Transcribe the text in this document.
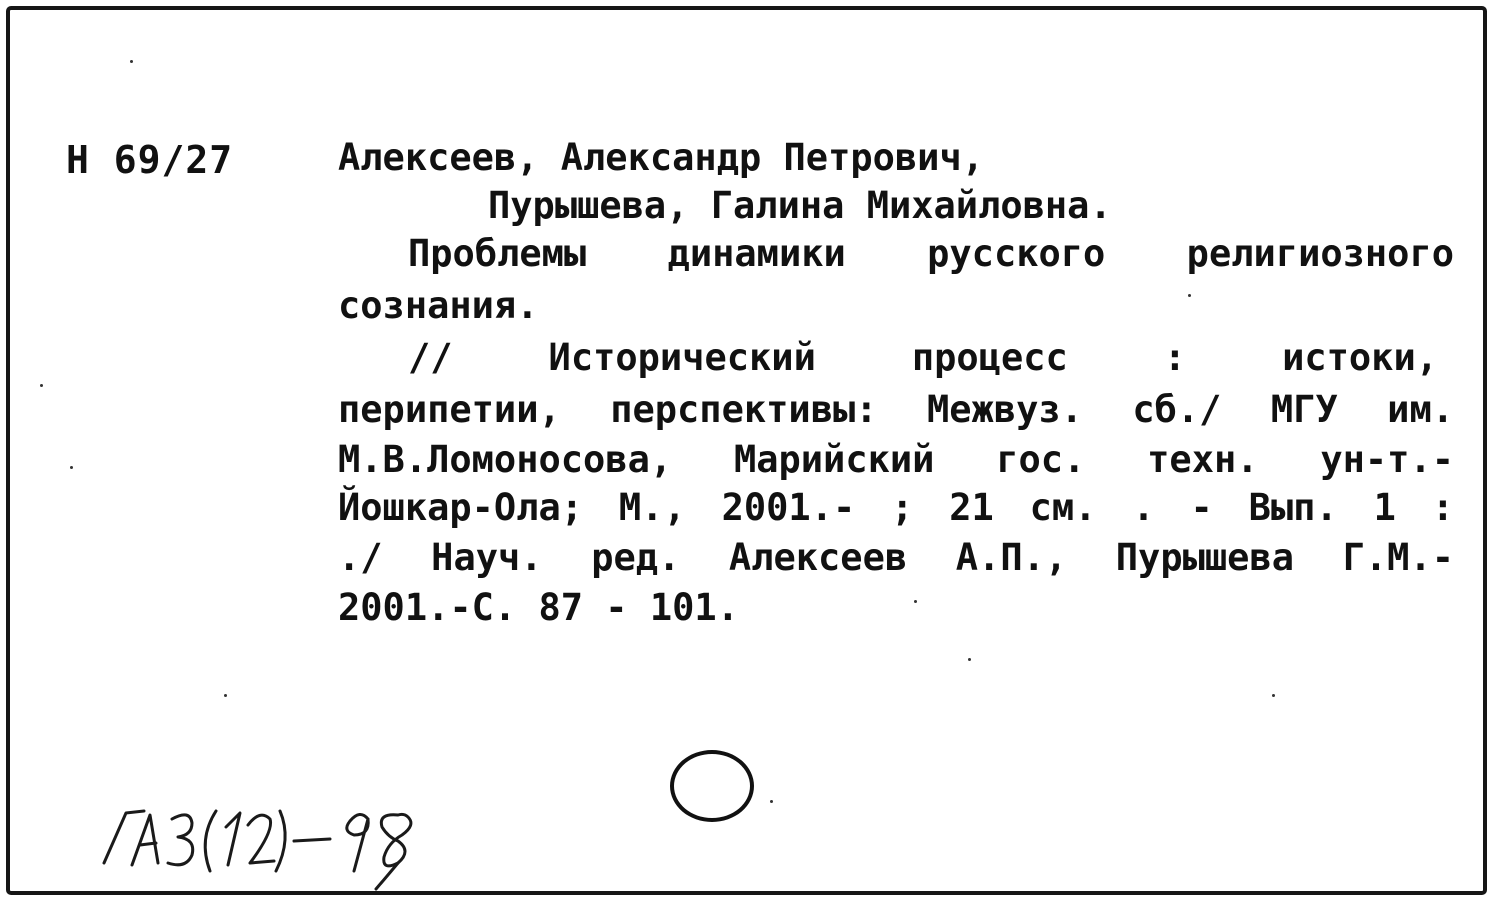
Н 69/27	Алексеев, Александр Петрович,
Пурышева, Галина Михайловна.
Проблемы динамики русского религиозного
сознания.
// Исторический процесс : истоки,
перипетии, перспективы: Межвуз. сб./ МГУ им.
М.В.Ломоносова, Марийский гос. техн. ун-т.-
Йошкар-Ола; М., 2001.- ; 21 см. . - Вып. 1 :
./ Науч. ред. Алексеев А.П., Пурышева Г.М.-
2001.-С. 87 - 101.
